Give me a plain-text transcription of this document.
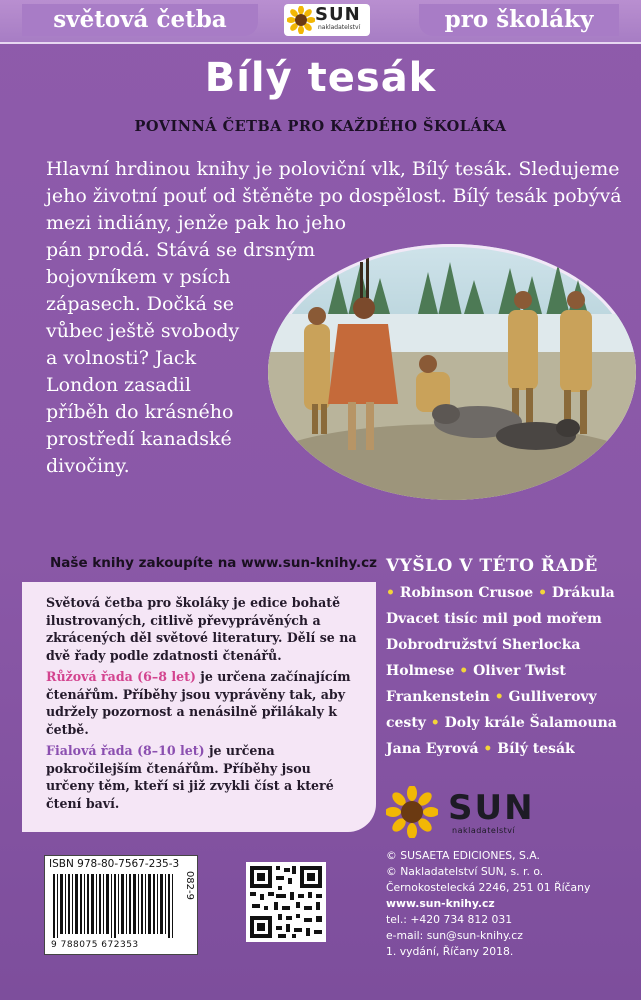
světová četba	SUN
nakladatelství	pro školáky
Bílý tesák
POVINNÁ ČETBA PRO KAŽDÉHO ŠKOLÁKA
Hlavní hrdinou knihy je poloviční vlk, Bílý tesák. Sledujeme
jeho životní pouť od štěněte po dospělost. Bílý tesák pobývá
mezi indiány, jenže pak ho jeho
pán prodá. Stává se drsným
bojovníkem v psích
zápasech. Dočká se
vůbec ještě svobody
a volnosti? Jack
London zasadil
příběh do krásného
prostředí kanadské
divočiny.
Naše knihy zakoupíte na www.sun-knihy.cz

Světová četba pro školáky je edice bohatě ilustrovaných, citlivě převyprávěných a zkrácených děl světové literatury. Dělí se na dvě řady podle zdatnosti čtenářů.

Růžová řada (6–8 let) je určena začínajícím čtenářům. Příběhy jsou vyprávěny tak, aby udržely pozornost a nenásilně přilákaly k četbě.

Fialová řada (8–10 let) je určena pokročilejším čtenářům. Příběhy jsou určeny těm, kteří si již zvykli číst a které čtení baví.

ISBN 978-80-7567-235-3
9 788075 672353
082-9
VYŠLO V TÉTO ŘADĚ
• Robinson Crusoe • Drákula
Dvacet tisíc mil pod mořem
Dobrodružství Sherlocka
Holmese • Oliver Twist
Frankenstein • Gulliverovy
cesty • Doly krále Šalamouna
Jana Eyrová • Bílý tesák
SUN
nakladatelství
© SUSAETA EDICIONES, S.A.
© Nakladatelství SUN, s. r. o.
Černokostelecká 2246, 251 01 Říčany
www.sun-knihy.cz
tel.: +420 734 812 031
e-mail: sun@sun-knihy.cz
1. vydání, Říčany 2018.
